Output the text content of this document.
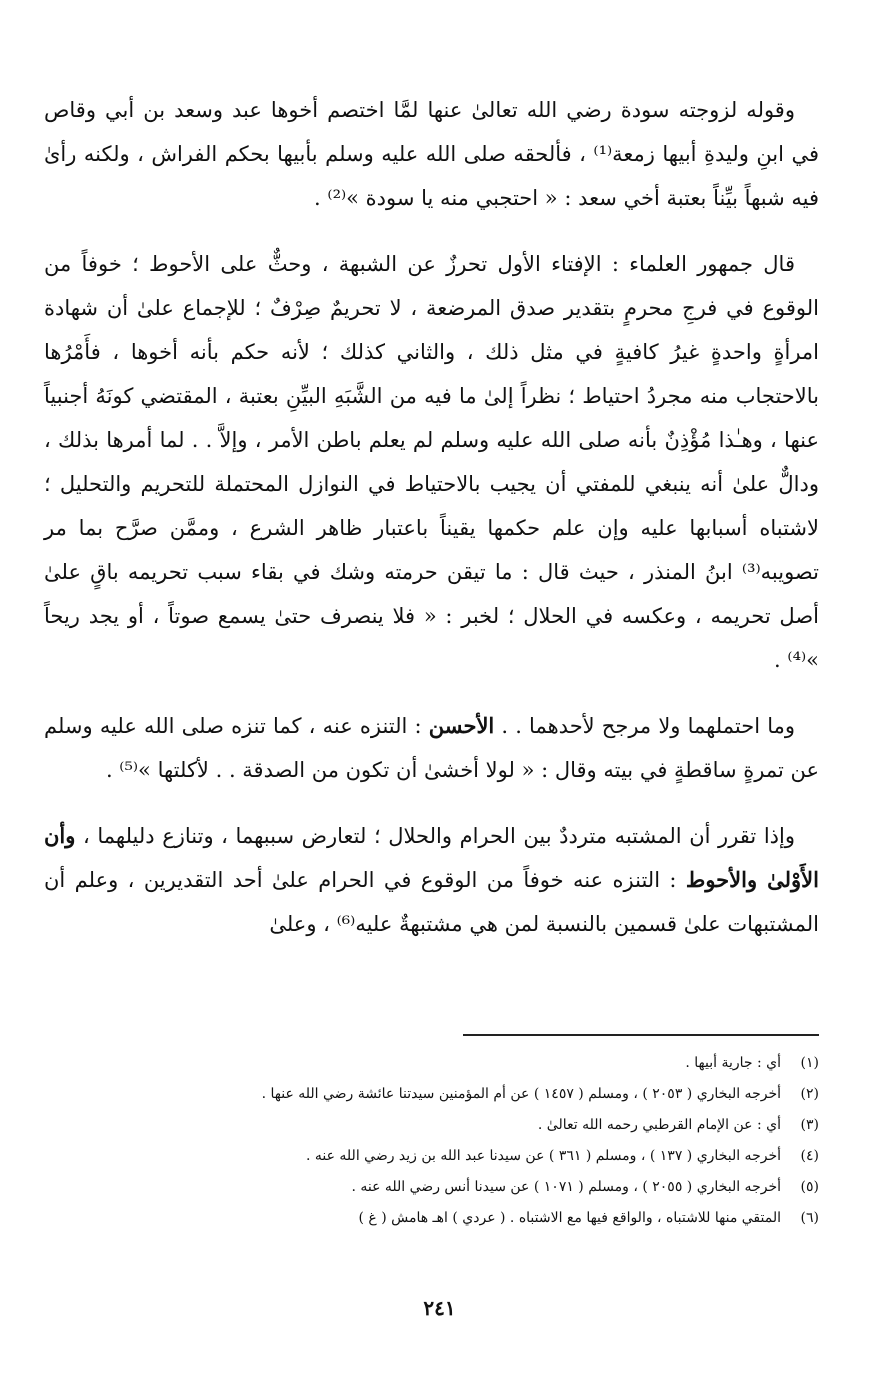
وقوله لزوجته سودة رضي الله تعالىٰ عنها لمَّا اختصم أخوها عبد وسعد بن أبي وقاص في ابنِ وليدةِ أبيها زمعة⁽¹⁾ ، فألحقه صلى الله عليه وسلم بأبيها بحكم الفراش ، ولكنه رأىٰ فيه شبهاً بيِّناً بعتبة أخي سعد : « احتجبي منه يا سودة »⁽²⁾ .

قال جمهور العلماء : الإفتاء الأول تحرزٌ عن الشبهة ، وحثٌّ على الأحوط ؛ خوفاً من الوقوع في فرجِ محرمٍ بتقدير صدق المرضعة ، لا تحريمٌ صِرْفٌ ؛ للإجماع علىٰ أن شهادة امرأةٍ واحدةٍ غيرُ كافيةٍ في مثل ذلك ، والثاني كذلك ؛ لأنه حكم بأنه أخوها ، فأَمْرُها بالاحتجاب منه مجردُ احتياط ؛ نظراً إلىٰ ما فيه من الشَّبَهِ البيِّنِ بعتبة ، المقتضي كونَهُ أجنبياً عنها ، وهـٰذا مُؤْذِنٌ بأنه صلى الله عليه وسلم لم يعلم باطن الأمر ، وإلاَّ . . لما أمرها بذلك ، ودالٌّ علىٰ أنه ينبغي للمفتي أن يجيب بالاحتياط في النوازل المحتملة للتحريم والتحليل ؛ لاشتباه أسبابها عليه وإن علم حكمها يقيناً باعتبار ظاهر الشرع ، وممَّن صرَّح بما مر تصويبه⁽³⁾ ابنُ المنذر ، حيث قال : ما تيقن حرمته وشك في بقاء سبب تحريمه باقٍ علىٰ أصل تحريمه ، وعكسه في الحلال ؛ لخبر : « فلا ينصرف حتىٰ يسمع صوتاً ، أو يجد ريحاً »⁽⁴⁾ .

وما احتملهما ولا مرجح لأحدهما . . الأحسن : التنزه عنه ، كما تنزه صلى الله عليه وسلم عن تمرةٍ ساقطةٍ في بيته وقال : « لولا أخشىٰ أن تكون من الصدقة . . لأكلتها »⁽⁵⁾ .

وإذا تقرر أن المشتبه مترددٌ بين الحرام والحلال ؛ لتعارض سببهما ، وتنازع دليلهما ، وأن الأَوْلىٰ والأحوط : التنزه عنه خوفاً من الوقوع في الحرام علىٰ أحد التقديرين ، وعلم أن المشتبهات علىٰ قسمين بالنسبة لمن هي مشتبهةٌ عليه⁽⁶⁾ ، وعلىٰ

(١)
أي : جارية أبيها .
(٢)
أخرجه البخاري ( ٢٠٥٣ ) ، ومسلم ( ١٤٥٧ ) عن أم المؤمنين سيدتنا عائشة رضي الله عنها .
(٣)
أي : عن الإمام القرطبي رحمه الله تعالىٰ .
(٤)
أخرجه البخاري ( ١٣٧ ) ، ومسلم ( ٣٦١ ) عن سيدنا عبد الله بن زيد رضي الله عنه .
(٥)
أخرجه البخاري ( ٢٠٥٥ ) ، ومسلم ( ١٠٧١ ) عن سيدنا أنس رضي الله عنه .
(٦)
المتقي منها للاشتباه ، والواقع فيها مع الاشتباه . ( عردي ) اهـ هامش ( غ )
٢٤١
